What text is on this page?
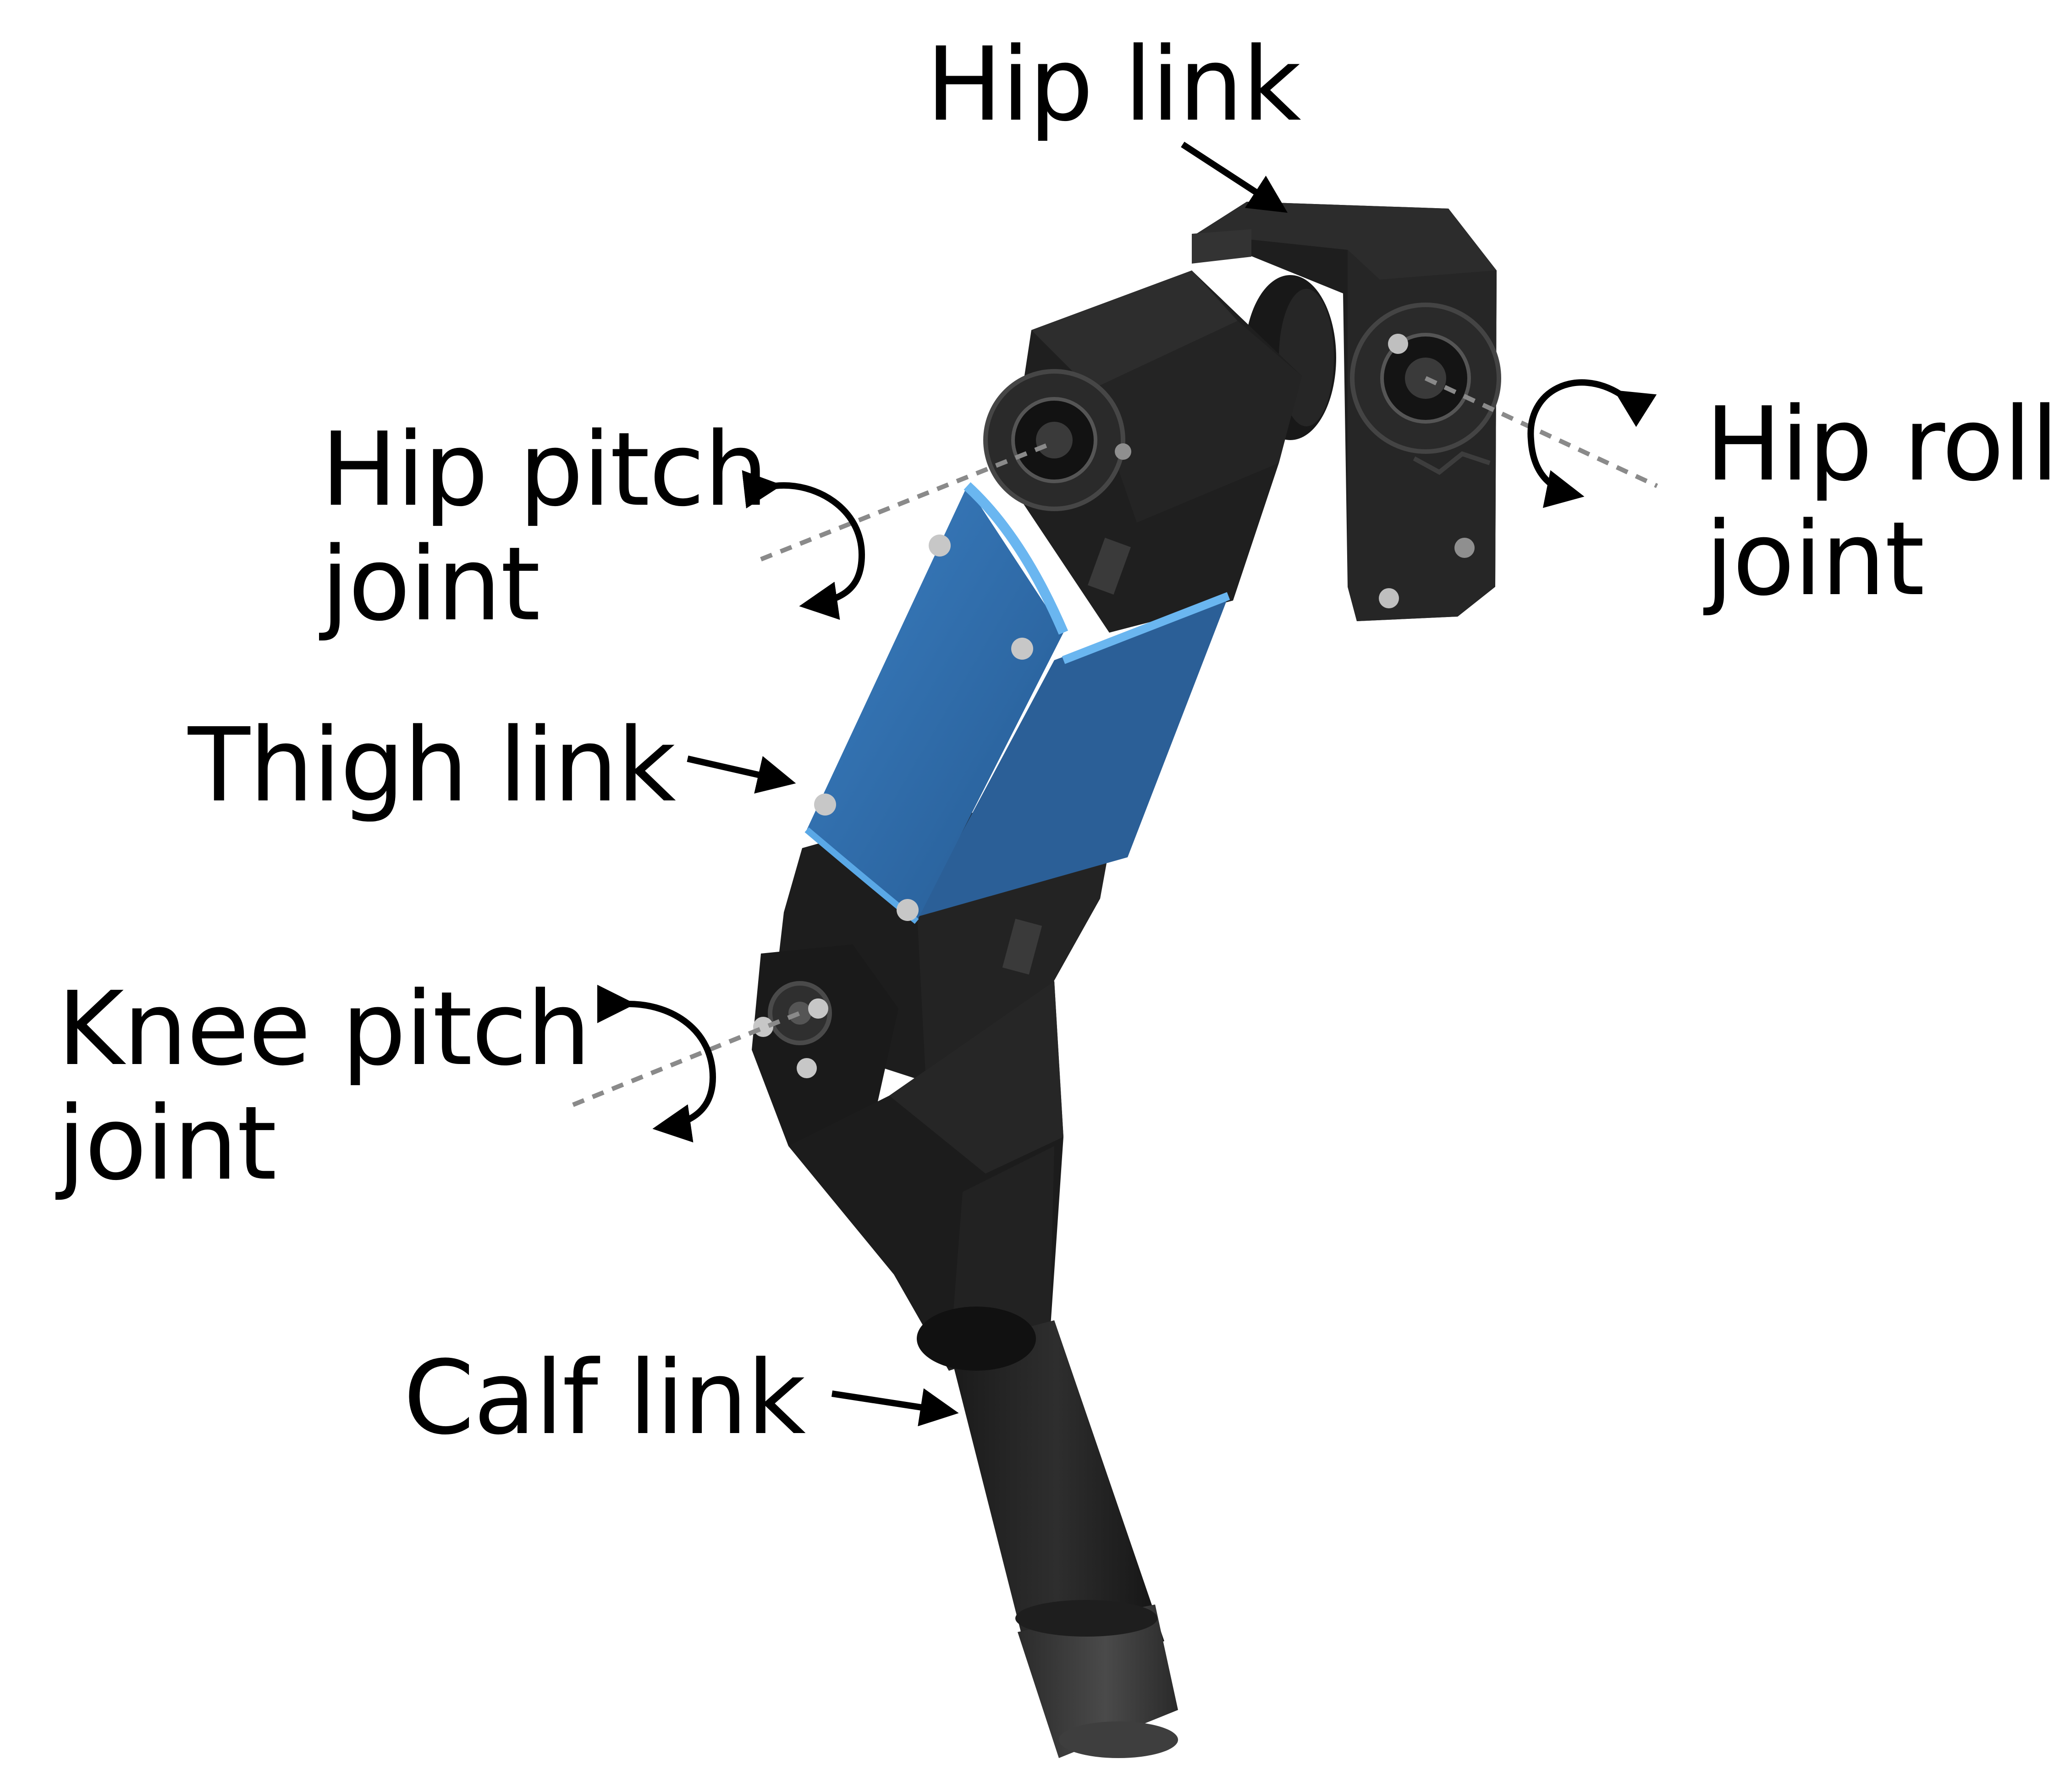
Hip link
Hip pitch
joint
Hip roll
joint
Thigh link
Knee pitch
joint
Calf link
